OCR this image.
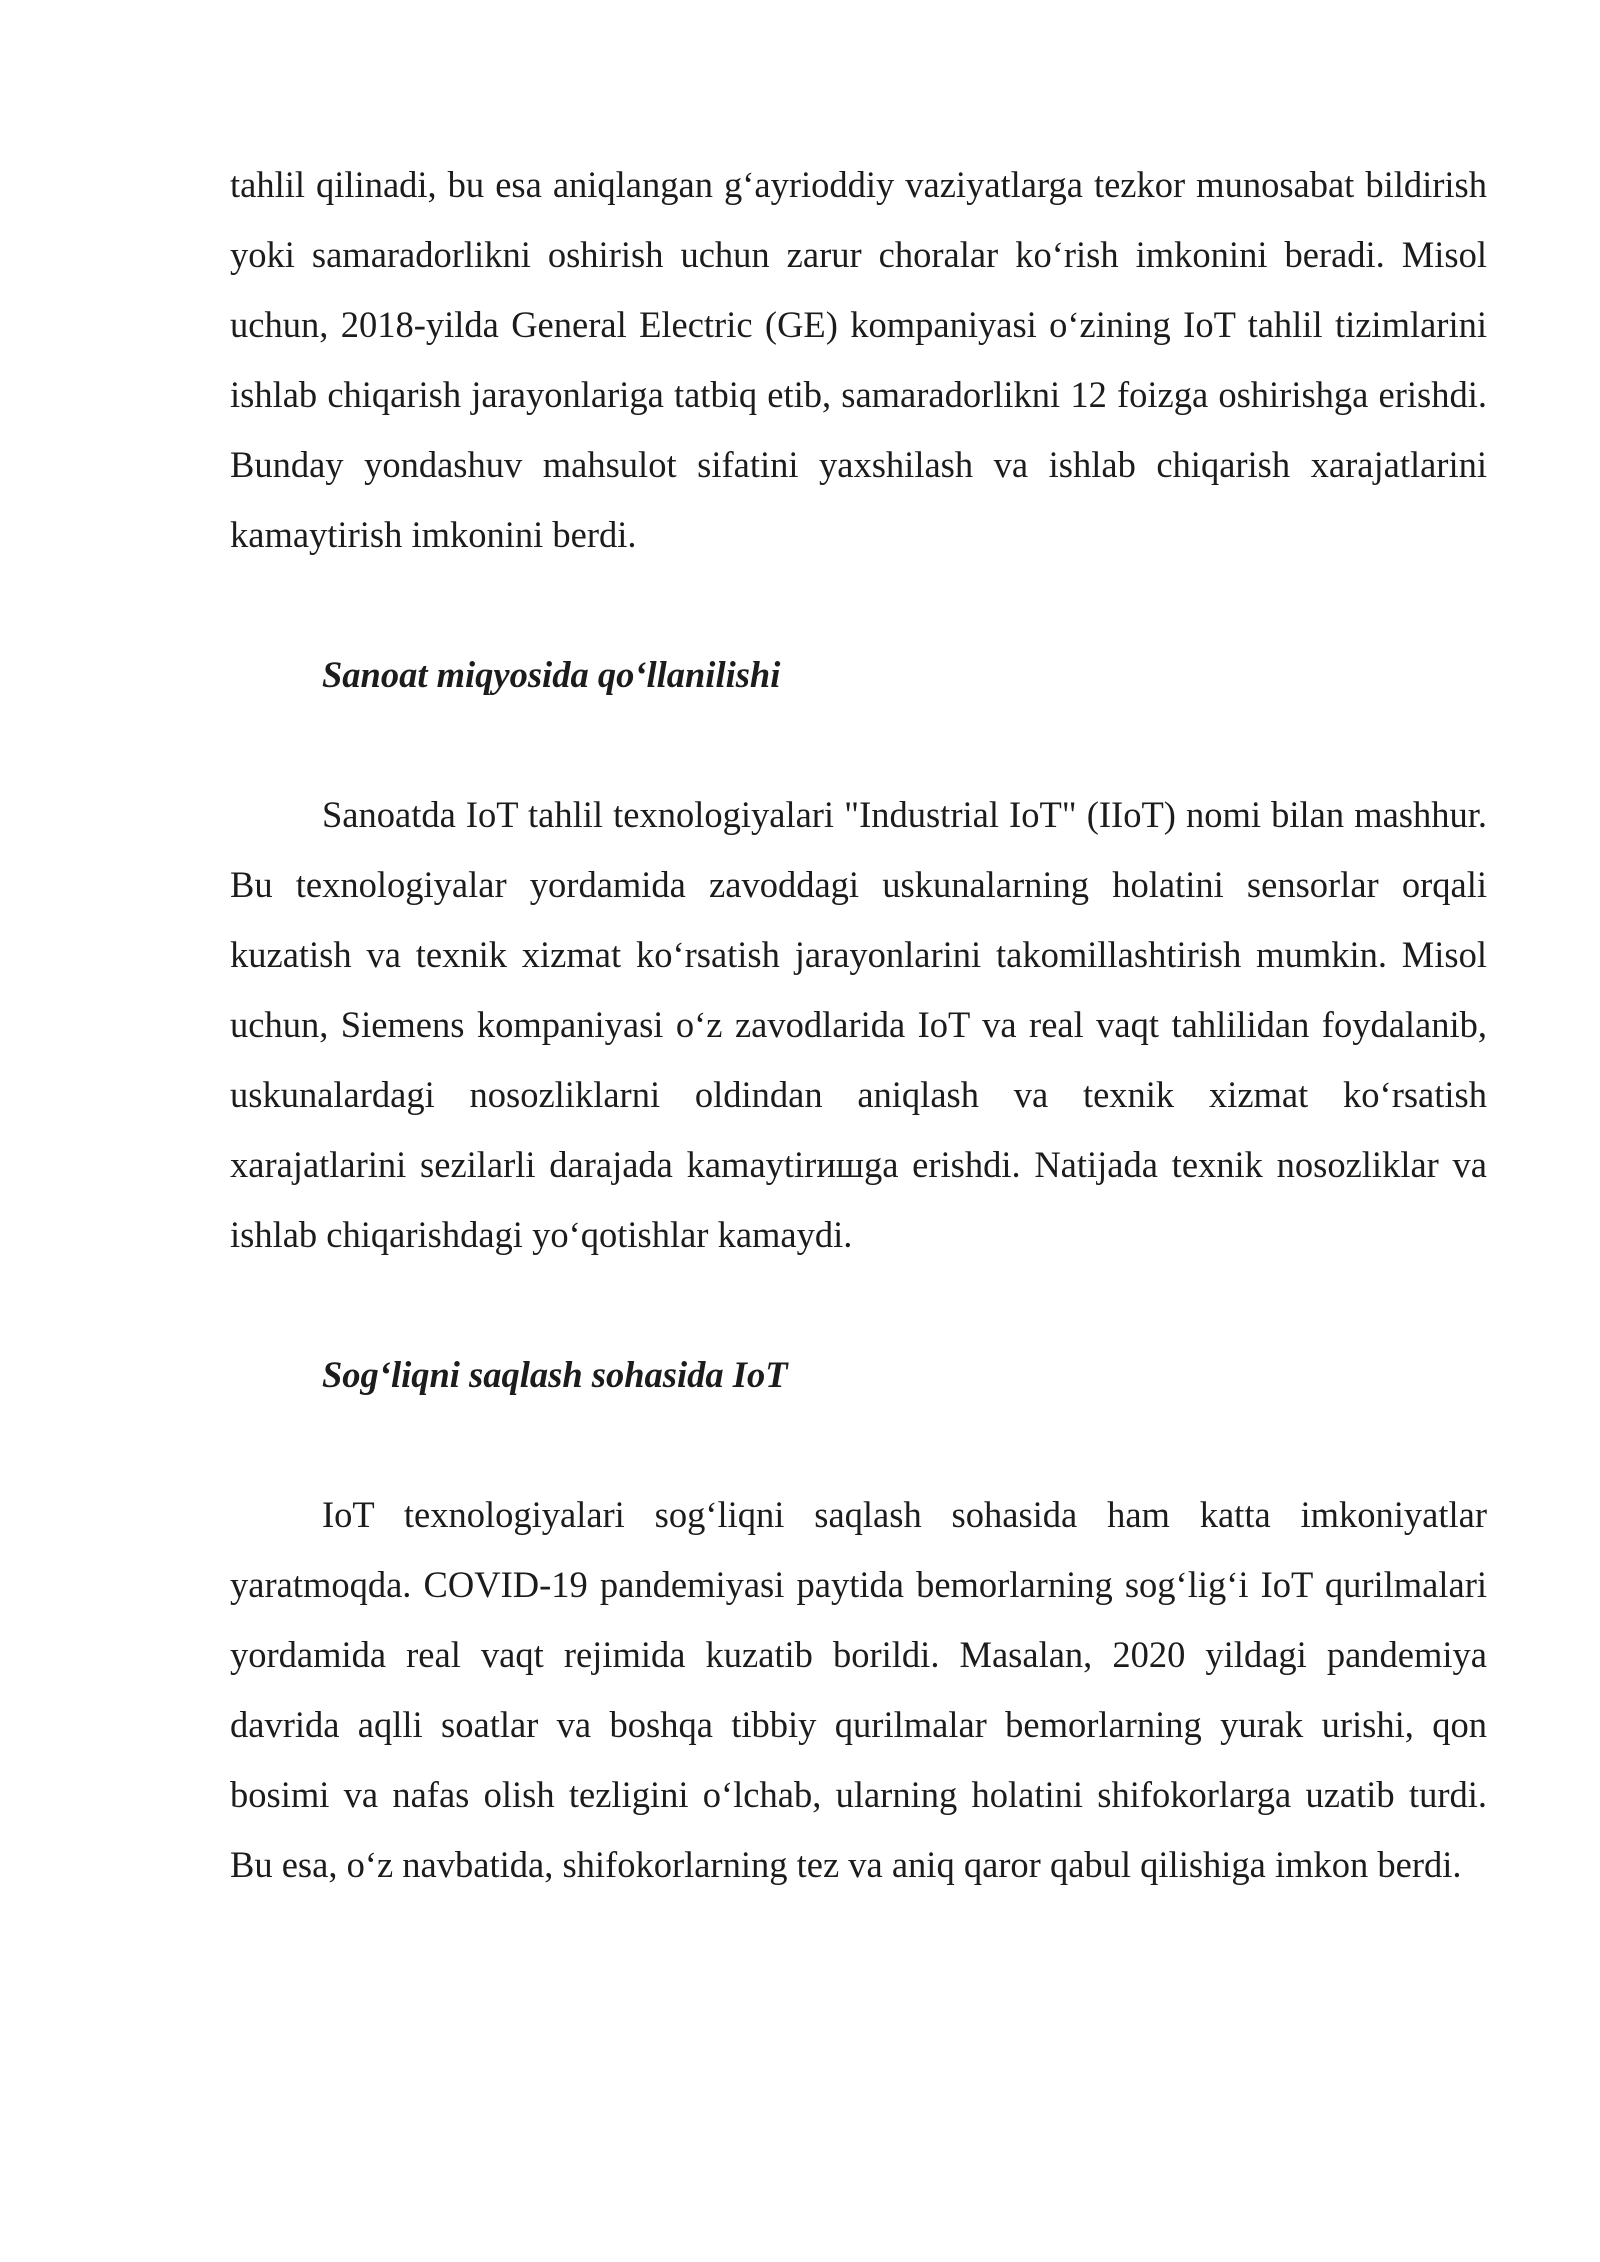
tahlil qilinadi, bu esa aniqlangan g‘ayrioddiy vaziyatlarga tezkor munosabat bildirish yoki samaradorlikni oshirish uchun zarur choralar ko‘rish imkonini beradi. Misol uchun, 2018-yilda General Electric (GE) kompaniyasi o‘zining IoT tahlil tizimlarini ishlab chiqarish jarayonlariga tatbiq etib, samaradorlikni 12 foizga oshirishga erishdi. Bunday yondashuv mahsulot sifatini yaxshilash va ishlab chiqarish xarajatlarini kamaytirish imkonini berdi.

Sanoat miqyosida qo‘llanilishi

Sanoatda IoT tahlil texnologiyalari "Industrial IoT" (IIoT) nomi bilan mashhur. Bu texnologiyalar yordamida zavoddagi uskunalarning holatini sensorlar orqali kuzatish va texnik xizmat ko‘rsatish jarayonlarini takomillashtirish mumkin. Misol uchun, Siemens kompaniyasi o‘z zavodlarida IoT va real vaqt tahlilidan foydalanib, uskunalardagi nosozliklarni oldindan aniqlash va texnik xizmat ko‘rsatish xarajatlarini sezilarli darajada kamaytirишga erishdi. Natijada texnik nosozliklar va ishlab chiqarishdagi yo‘qotishlar kamaydi.

Sog‘liqni saqlash sohasida IoT

IoT texnologiyalari sog‘liqni saqlash sohasida ham katta imkoniyatlar yaratmoqda. COVID-19 pandemiyasi paytida bemorlarning sog‘lig‘i IoT qurilmalari yordamida real vaqt rejimida kuzatib borildi. Masalan, 2020 yildagi pandemiya davrida aqlli soatlar va boshqa tibbiy qurilmalar bemorlarning yurak urishi, qon bosimi va nafas olish tezligini o‘lchab, ularning holatini shifokorlarga uzatib turdi. Bu esa, o‘z navbatida, shifokorlarning tez va aniq qaror qabul qilishiga imkon berdi.
